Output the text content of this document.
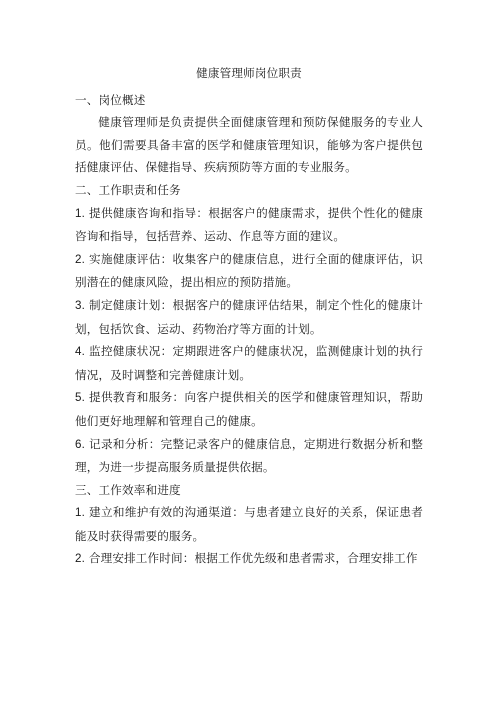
健康管理师岗位职责

一、岗位概述

健康管理师是负责提供全面健康管理和预防保健服务的专业人员。他们需要具备丰富的医学和健康管理知识，能够为客户提供包括健康评估、保健指导、疾病预防等方面的专业服务。

二、工作职责和任务

1. 提供健康咨询和指导：根据客户的健康需求，提供个性化的健康咨询和指导，包括营养、运动、作息等方面的建议。

2. 实施健康评估：收集客户的健康信息，进行全面的健康评估，识别潜在的健康风险，提出相应的预防措施。

3. 制定健康计划：根据客户的健康评估结果，制定个性化的健康计划，包括饮食、运动、药物治疗等方面的计划。

4. 监控健康状况：定期跟进客户的健康状况，监测健康计划的执行情况，及时调整和完善健康计划。

5. 提供教育和服务：向客户提供相关的医学和健康管理知识，帮助他们更好地理解和管理自己的健康。

6. 记录和分析：完整记录客户的健康信息，定期进行数据分析和整理，为进一步提高服务质量提供依据。

三、工作效率和进度

1. 建立和维护有效的沟通渠道：与患者建立良好的关系，保证患者能及时获得需要的服务。

2. 合理安排工作时间：根据工作优先级和患者需求，合理安排工作
